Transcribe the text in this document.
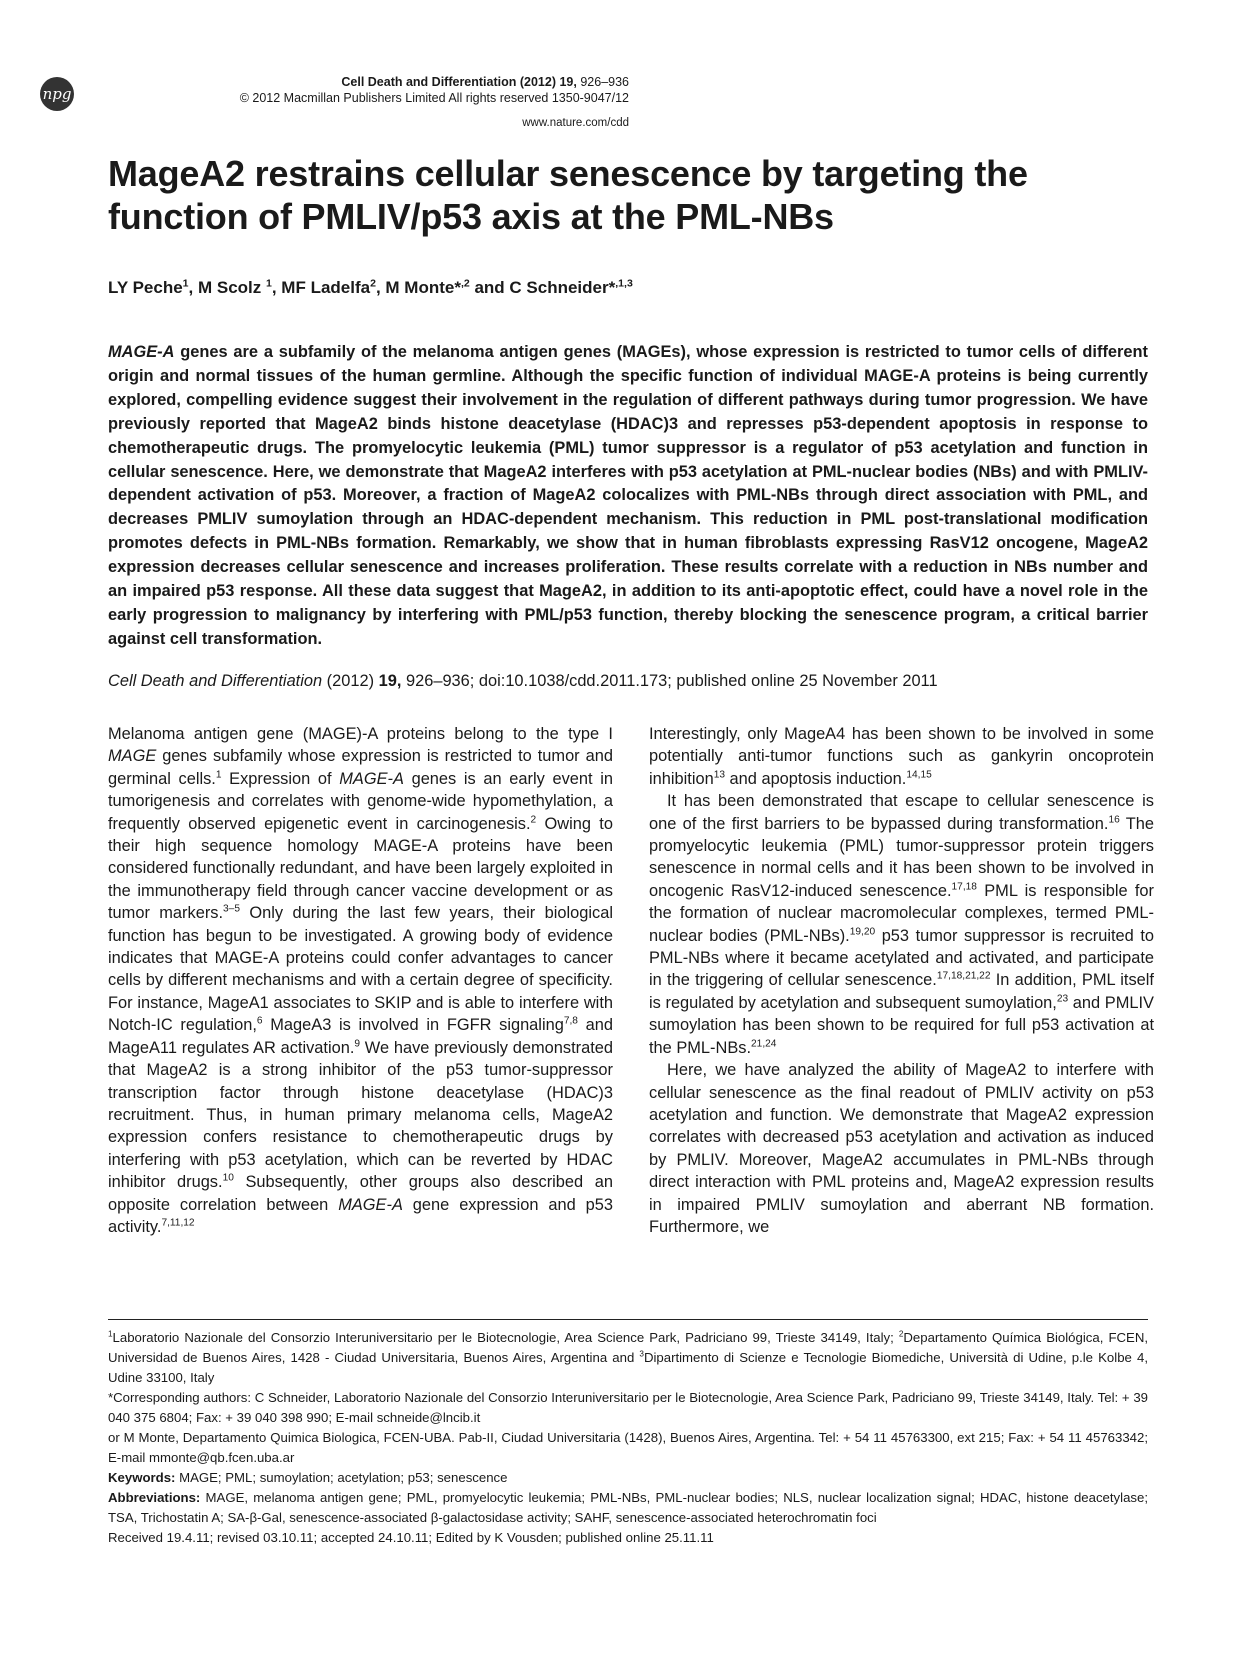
npg
Cell Death and Differentiation (2012) 19, 926–936
© 2012 Macmillan Publishers Limited All rights reserved 1350-9047/12
www.nature.com/cdd
MageA2 restrains cellular senescence by targeting the function of PMLIV/p53 axis at the PML-NBs
LY Peche$^1$, M Scolz $^1$, MF Ladelfa$^2$, M Monte*$^{,2}$ and C Schneider*$^{,1,3}$
MAGE-A genes are a subfamily of the melanoma antigen genes (MAGEs), whose expression is restricted to tumor cells of different origin and normal tissues of the human germline. Although the specific function of individual MAGE-A proteins is being currently explored, compelling evidence suggest their involvement in the regulation of different pathways during tumor progression. We have previously reported that MageA2 binds histone deacetylase (HDAC)3 and represses p53-dependent apoptosis in response to chemotherapeutic drugs. The promyelocytic leukemia (PML) tumor suppressor is a regulator of p53 acetylation and function in cellular senescence. Here, we demonstrate that MageA2 interferes with p53 acetylation at PML-nuclear bodies (NBs) and with PMLIV-dependent activation of p53. Moreover, a fraction of MageA2 colocalizes with PML-NBs through direct association with PML, and decreases PMLIV sumoylation through an HDAC-dependent mechanism. This reduction in PML post-translational modification promotes defects in PML-NBs formation. Remarkably, we show that in human fibroblasts expressing RasV12 oncogene, MageA2 expression decreases cellular senescence and increases proliferation. These results correlate with a reduction in NBs number and an impaired p53 response. All these data suggest that MageA2, in addition to its anti-apoptotic effect, could have a novel role in the early progression to malignancy by interfering with PML/p53 function, thereby blocking the senescence program, a critical barrier against cell transformation.
Cell Death and Differentiation (2012) 19, 926–936; doi:10.1038/cdd.2011.173; published online 25 November 2011

Melanoma antigen gene (MAGE)-A proteins belong to the type I MAGE genes subfamily whose expression is restricted to tumor and germinal cells.$^1$ Expression of MAGE-A genes is an early event in tumorigenesis and correlates with genome-wide hypomethylation, a frequently observed epigenetic event in carcinogenesis.$^2$ Owing to their high sequence homology MAGE-A proteins have been considered functionally redundant, and have been largely exploited in the immunotherapy field through cancer vaccine development or as tumor markers.$^{3-5}$ Only during the last few years, their biological function has begun to be investigated. A growing body of evidence indicates that MAGE-A proteins could confer advantages to cancer cells by different mechanisms and with a certain degree of specificity. For instance, MageA1 associates to SKIP and is able to interfere with Notch-IC regulation,$^6$ MageA3 is involved in FGFR signaling$^{7,8}$ and MageA11 regulates AR activation.$^9$ We have previously demonstrated that MageA2 is a strong inhibitor of the p53 tumor-suppressor transcription factor through histone deacetylase (HDAC)3 recruitment. Thus, in human primary melanoma cells, MageA2 expression confers resistance to chemotherapeutic drugs by interfering with p53 acetylation, which can be reverted by HDAC inhibitor drugs.$^{10}$ Subsequently, other groups also described an opposite correlation between MAGE-A gene expression and p53 activity.$^{7,11,12}$

Interestingly, only MageA4 has been shown to be involved in some potentially anti-tumor functions such as gankyrin oncoprotein inhibition$^{13}$ and apoptosis induction.$^{14,15}$

It has been demonstrated that escape to cellular senescence is one of the first barriers to be bypassed during transformation.$^{16}$ The promyelocytic leukemia (PML) tumor-suppressor protein triggers senescence in normal cells and it has been shown to be involved in oncogenic RasV12-induced senescence.$^{17,18}$ PML is responsible for the formation of nuclear macromolecular complexes, termed PML-nuclear bodies (PML-NBs).$^{19,20}$ p53 tumor suppressor is recruited to PML-NBs where it became acetylated and activated, and participate in the triggering of cellular senescence.$^{17,18,21,22}$ In addition, PML itself is regulated by acetylation and subsequent sumoylation,$^{23}$ and PMLIV sumoylation has been shown to be required for full p53 activation at the PML-NBs.$^{21,24}$

Here, we have analyzed the ability of MageA2 to interfere with cellular senescence as the final readout of PMLIV activity on p53 acetylation and function. We demonstrate that MageA2 expression correlates with decreased p53 acetylation and activation as induced by PMLIV. Moreover, MageA2 accumulates in PML-NBs through direct interaction with PML proteins and, MageA2 expression results in impaired PMLIV sumoylation and aberrant NB formation. Furthermore, we

$^1$Laboratorio Nazionale del Consorzio Interuniversitario per le Biotecnologie, Area Science Park, Padriciano 99, Trieste 34149, Italy; $^2$Departamento Química Biológica, FCEN, Universidad de Buenos Aires, 1428 - Ciudad Universitaria, Buenos Aires, Argentina and $^3$Dipartimento di Scienze e Tecnologie Biomediche, Università di Udine, p.le Kolbe 4, Udine 33100, Italy

*Corresponding authors: C Schneider, Laboratorio Nazionale del Consorzio Interuniversitario per le Biotecnologie, Area Science Park, Padriciano 99, Trieste 34149, Italy. Tel: + 39 040 375 6804; Fax: + 39 040 398 990; E-mail schneide@lncib.it

or M Monte, Departamento Quimica Biologica, FCEN-UBA. Pab-II, Ciudad Universitaria (1428), Buenos Aires, Argentina. Tel: + 54 11 45763300, ext 215; Fax: + 54 11 45763342; E-mail mmonte@qb.fcen.uba.ar

Keywords: MAGE; PML; sumoylation; acetylation; p53; senescence

Abbreviations: MAGE, melanoma antigen gene; PML, promyelocytic leukemia; PML-NBs, PML-nuclear bodies; NLS, nuclear localization signal; HDAC, histone deacetylase; TSA, Trichostatin A; SA-β-Gal, senescence-associated β-galactosidase activity; SAHF, senescence-associated heterochromatin foci

Received 19.4.11; revised 03.10.11; accepted 24.10.11; Edited by K Vousden; published online 25.11.11
